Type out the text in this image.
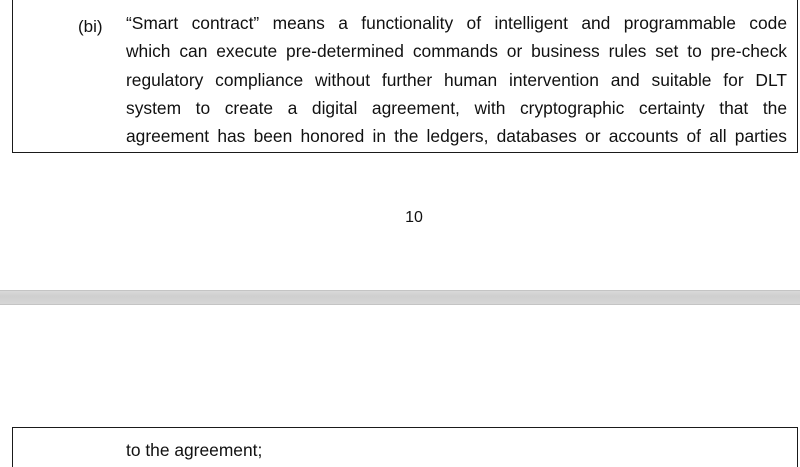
(bi) “Smart contract” means a functionality of intelligent and programmable code
which can execute pre-determined commands or business rules set to pre-check
regulatory compliance without further human intervention and suitable for DLT
system to create a digital agreement, with cryptographic certainty that the
agreement has been honored in the ledgers, databases or accounts of all parties

10

to the agreement;
